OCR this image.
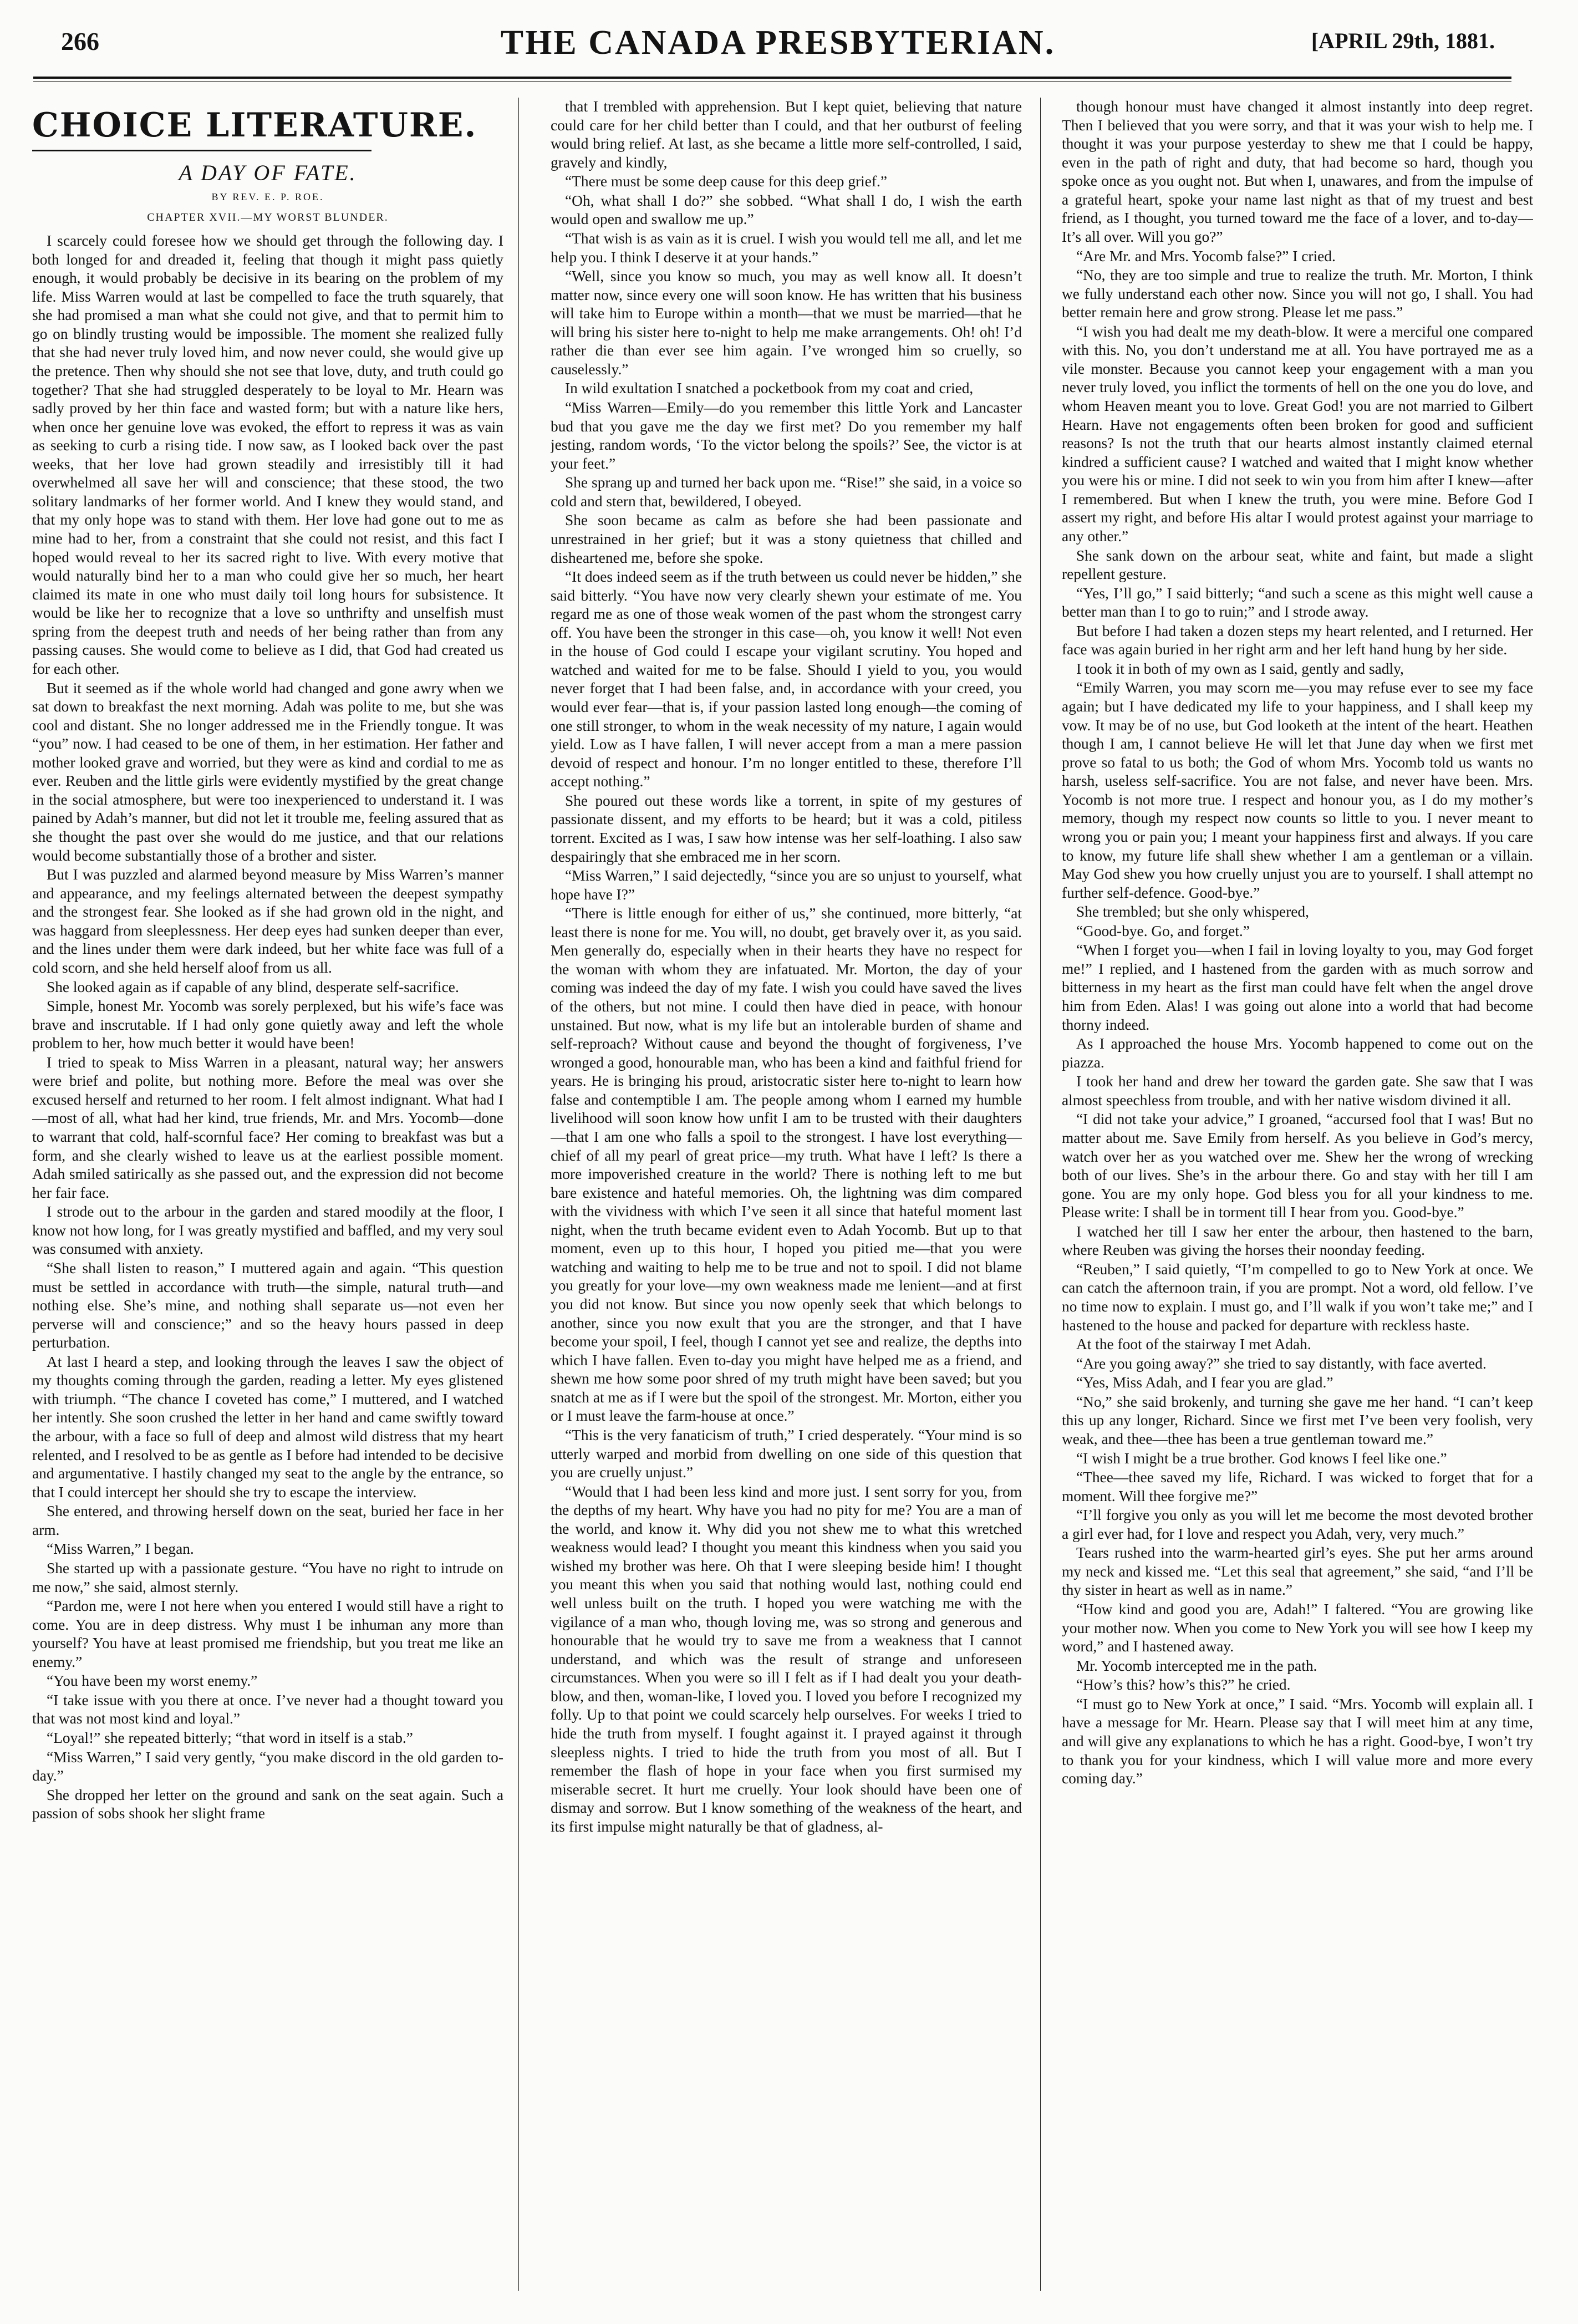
266	THE CANADA PRESBYTERIAN.	[APRIL 29th, 1881.
CHOICE LITERATURE.
A DAY OF FATE.
BY REV. E. P. ROE.
CHAPTER XVII.—MY WORST BLUNDER.

I scarcely could foresee how we should get through the following day. I both longed for and dreaded it, feeling that though it might pass quietly enough, it would probably be decisive in its bearing on the problem of my life. Miss Warren would at last be compelled to face the truth squarely, that she had promised a man what she could not give, and that to permit him to go on blindly trusting would be impossible. The moment she realized fully that she had never truly loved him, and now never could, she would give up the pretence. Then why should she not see that love, duty, and truth could go together? That she had struggled desperately to be loyal to Mr. Hearn was sadly proved by her thin face and wasted form; but with a nature like hers, when once her genuine love was evoked, the effort to repress it was as vain as seeking to curb a rising tide. I now saw, as I looked back over the past weeks, that her love had grown steadily and irresistibly till it had overwhelmed all save her will and conscience; that these stood, the two solitary landmarks of her former world. And I knew they would stand, and that my only hope was to stand with them. Her love had gone out to me as mine had to her, from a constraint that she could not resist, and this fact I hoped would reveal to her its sacred right to live. With every motive that would naturally bind her to a man who could give her so much, her heart claimed its mate in one who must daily toil long hours for subsistence. It would be like her to recognize that a love so unthrifty and unselfish must spring from the deepest truth and needs of her being rather than from any passing causes. She would come to believe as I did, that God had created us for each other.

But it seemed as if the whole world had changed and gone awry when we sat down to breakfast the next morning. Adah was polite to me, but she was cool and distant. She no longer addressed me in the Friendly tongue. It was “you” now. I had ceased to be one of them, in her estimation. Her father and mother looked grave and worried, but they were as kind and cordial to me as ever. Reuben and the little girls were evidently mystified by the great change in the social atmosphere, but were too inexperienced to understand it. I was pained by Adah’s manner, but did not let it trouble me, feeling assured that as she thought the past over she would do me justice, and that our relations would become substantially those of a brother and sister.

But I was puzzled and alarmed beyond measure by Miss Warren’s manner and appearance, and my feelings alternated between the deepest sympathy and the strongest fear. She looked as if she had grown old in the night, and was haggard from sleeplessness. Her deep eyes had sunken deeper than ever, and the lines under them were dark indeed, but her white face was full of a cold scorn, and she held herself aloof from us all.

She looked again as if capable of any blind, desperate self-sacrifice.

Simple, honest Mr. Yocomb was sorely perplexed, but his wife’s face was brave and inscrutable. If I had only gone quietly away and left the whole problem to her, how much better it would have been!

I tried to speak to Miss Warren in a pleasant, natural way; her answers were brief and polite, but nothing more. Before the meal was over she excused herself and returned to her room. I felt almost indignant. What had I—most of all, what had her kind, true friends, Mr. and Mrs. Yocomb—done to warrant that cold, half-scornful face? Her coming to breakfast was but a form, and she clearly wished to leave us at the earliest possible moment. Adah smiled satirically as she passed out, and the expression did not become her fair face.

I strode out to the arbour in the garden and stared moodily at the floor, I know not how long, for I was greatly mystified and baffled, and my very soul was consumed with anxiety.

“She shall listen to reason,” I muttered again and again. “This question must be settled in accordance with truth—the simple, natural truth—and nothing else. She’s mine, and nothing shall separate us—not even her perverse will and conscience;” and so the heavy hours passed in deep perturbation.

At last I heard a step, and looking through the leaves I saw the object of my thoughts coming through the garden, reading a letter. My eyes glistened with triumph. “The chance I coveted has come,” I muttered, and I watched her intently. She soon crushed the letter in her hand and came swiftly toward the arbour, with a face so full of deep and almost wild distress that my heart relented, and I resolved to be as gentle as I before had intended to be decisive and argumentative. I hastily changed my seat to the angle by the entrance, so that I could intercept her should she try to escape the interview.

She entered, and throwing herself down on the seat, buried her face in her arm.

“Miss Warren,” I began.

She started up with a passionate gesture. “You have no right to intrude on me now,” she said, almost sternly.

“Pardon me, were I not here when you entered I would still have a right to come. You are in deep distress. Why must I be inhuman any more than yourself? You have at least promised me friendship, but you treat me like an enemy.”

“You have been my worst enemy.”

“I take issue with you there at once. I’ve never had a thought toward you that was not most kind and loyal.”

“Loyal!” she repeated bitterly; “that word in itself is a stab.”

“Miss Warren,” I said very gently, “you make discord in the old garden to-day.”

She dropped her letter on the ground and sank on the seat again. Such a passion of sobs shook her slight frame

that I trembled with apprehension. But I kept quiet, believing that nature could care for her child better than I could, and that her outburst of feeling would bring relief. At last, as she became a little more self-controlled, I said, gravely and kindly,

“There must be some deep cause for this deep grief.”

“Oh, what shall I do?” she sobbed. “What shall I do, I wish the earth would open and swallow me up.”

“That wish is as vain as it is cruel. I wish you would tell me all, and let me help you. I think I deserve it at your hands.”

“Well, since you know so much, you may as well know all. It doesn’t matter now, since every one will soon know. He has written that his business will take him to Europe within a month—that we must be married—that he will bring his sister here to-night to help me make arrangements. Oh! oh! I’d rather die than ever see him again. I’ve wronged him so cruelly, so causelessly.”

In wild exultation I snatched a pocketbook from my coat and cried,

“Miss Warren—Emily—do you remember this little York and Lancaster bud that you gave me the day we first met? Do you remember my half jesting, random words, ‘To the victor belong the spoils?’ See, the victor is at your feet.”

She sprang up and turned her back upon me. “Rise!” she said, in a voice so cold and stern that, bewildered, I obeyed.

She soon became as calm as before she had been passionate and unrestrained in her grief; but it was a stony quietness that chilled and disheartened me, before she spoke.

“It does indeed seem as if the truth between us could never be hidden,” she said bitterly. “You have now very clearly shewn your estimate of me. You regard me as one of those weak women of the past whom the strongest carry off. You have been the stronger in this case—oh, you know it well! Not even in the house of God could I escape your vigilant scrutiny. You hoped and watched and waited for me to be false. Should I yield to you, you would never forget that I had been false, and, in accordance with your creed, you would ever fear—that is, if your passion lasted long enough—the coming of one still stronger, to whom in the weak necessity of my nature, I again would yield. Low as I have fallen, I will never accept from a man a mere passion devoid of respect and honour. I’m no longer entitled to these, therefore I’ll accept nothing.”

She poured out these words like a torrent, in spite of my gestures of passionate dissent, and my efforts to be heard; but it was a cold, pitiless torrent. Excited as I was, I saw how intense was her self-loathing. I also saw despairingly that she embraced me in her scorn.

“Miss Warren,” I said dejectedly, “since you are so unjust to yourself, what hope have I?”

“There is little enough for either of us,” she continued, more bitterly, “at least there is none for me. You will, no doubt, get bravely over it, as you said. Men generally do, especially when in their hearts they have no respect for the woman with whom they are infatuated. Mr. Morton, the day of your coming was indeed the day of my fate. I wish you could have saved the lives of the others, but not mine. I could then have died in peace, with honour unstained. But now, what is my life but an intolerable burden of shame and self-reproach? Without cause and beyond the thought of forgiveness, I’ve wronged a good, honourable man, who has been a kind and faithful friend for years. He is bringing his proud, aristocratic sister here to-night to learn how false and contemptible I am. The people among whom I earned my humble livelihood will soon know how unfit I am to be trusted with their daughters—that I am one who falls a spoil to the strongest. I have lost everything—chief of all my pearl of great price—my truth. What have I left? Is there a more impoverished creature in the world? There is nothing left to me but bare existence and hateful memories. Oh, the lightning was dim compared with the vividness with which I’ve seen it all since that hateful moment last night, when the truth became evident even to Adah Yocomb. But up to that moment, even up to this hour, I hoped you pitied me—that you were watching and waiting to help me to be true and not to spoil. I did not blame you greatly for your love—my own weakness made me lenient—and at first you did not know. But since you now openly seek that which belongs to another, since you now exult that you are the stronger, and that I have become your spoil, I feel, though I cannot yet see and realize, the depths into which I have fallen. Even to-day you might have helped me as a friend, and shewn me how some poor shred of my truth might have been saved; but you snatch at me as if I were but the spoil of the strongest. Mr. Morton, either you or I must leave the farm-house at once.”

“This is the very fanaticism of truth,” I cried desperately. “Your mind is so utterly warped and morbid from dwelling on one side of this question that you are cruelly unjust.”

“Would that I had been less kind and more just. I sent sorry for you, from the depths of my heart. Why have you had no pity for me? You are a man of the world, and know it. Why did you not shew me to what this wretched weakness would lead? I thought you meant this kindness when you said you wished my brother was here. Oh that I were sleeping beside him! I thought you meant this when you said that nothing would last, nothing could end well unless built on the truth. I hoped you were watching me with the vigilance of a man who, though loving me, was so strong and generous and honourable that he would try to save me from a weakness that I cannot understand, and which was the result of strange and unforeseen circumstances. When you were so ill I felt as if I had dealt you your death-blow, and then, woman-like, I loved you. I loved you before I recognized my folly. Up to that point we could scarcely help ourselves. For weeks I tried to hide the truth from myself. I fought against it. I prayed against it through sleepless nights. I tried to hide the truth from you most of all. But I remember the flash of hope in your face when you first surmised my miserable secret. It hurt me cruelly. Your look should have been one of dismay and sorrow. But I know something of the weakness of the heart, and its first impulse might naturally be that of gladness, al-

though honour must have changed it almost instantly into deep regret. Then I believed that you were sorry, and that it was your wish to help me. I thought it was your purpose yesterday to shew me that I could be happy, even in the path of right and duty, that had become so hard, though you spoke once as you ought not. But when I, unawares, and from the impulse of a grateful heart, spoke your name last night as that of my truest and best friend, as I thought, you turned toward me the face of a lover, and to-day—It’s all over. Will you go?”

“Are Mr. and Mrs. Yocomb false?” I cried.

“No, they are too simple and true to realize the truth. Mr. Morton, I think we fully understand each other now. Since you will not go, I shall. You had better remain here and grow strong. Please let me pass.”

“I wish you had dealt me my death-blow. It were a merciful one compared with this. No, you don’t understand me at all. You have portrayed me as a vile monster. Because you cannot keep your engagement with a man you never truly loved, you inflict the torments of hell on the one you do love, and whom Heaven meant you to love. Great God! you are not married to Gilbert Hearn. Have not engagements often been broken for good and sufficient reasons? Is not the truth that our hearts almost instantly claimed eternal kindred a sufficient cause? I watched and waited that I might know whether you were his or mine. I did not seek to win you from him after I knew—after I remembered. But when I knew the truth, you were mine. Before God I assert my right, and before His altar I would protest against your marriage to any other.”

She sank down on the arbour seat, white and faint, but made a slight repellent gesture.

“Yes, I’ll go,” I said bitterly; “and such a scene as this might well cause a better man than I to go to ruin;” and I strode away.

But before I had taken a dozen steps my heart relented, and I returned. Her face was again buried in her right arm and her left hand hung by her side.

I took it in both of my own as I said, gently and sadly,

“Emily Warren, you may scorn me—you may refuse ever to see my face again; but I have dedicated my life to your happiness, and I shall keep my vow. It may be of no use, but God looketh at the intent of the heart. Heathen though I am, I cannot believe He will let that June day when we first met prove so fatal to us both; the God of whom Mrs. Yocomb told us wants no harsh, useless self-sacrifice. You are not false, and never have been. Mrs. Yocomb is not more true. I respect and honour you, as I do my mother’s memory, though my respect now counts so little to you. I never meant to wrong you or pain you; I meant your happiness first and always. If you care to know, my future life shall shew whether I am a gentleman or a villain. May God shew you how cruelly unjust you are to yourself. I shall attempt no further self-defence. Good-bye.”

She trembled; but she only whispered,

“Good-bye. Go, and forget.”

“When I forget you—when I fail in loving loyalty to you, may God forget me!” I replied, and I hastened from the garden with as much sorrow and bitterness in my heart as the first man could have felt when the angel drove him from Eden. Alas! I was going out alone into a world that had become thorny indeed.

As I approached the house Mrs. Yocomb happened to come out on the piazza.

I took her hand and drew her toward the garden gate. She saw that I was almost speechless from trouble, and with her native wisdom divined it all.

“I did not take your advice,” I groaned, “accursed fool that I was! But no matter about me. Save Emily from herself. As you believe in God’s mercy, watch over her as you watched over me. Shew her the wrong of wrecking both of our lives. She’s in the arbour there. Go and stay with her till I am gone. You are my only hope. God bless you for all your kindness to me. Please write: I shall be in torment till I hear from you. Good-bye.”

I watched her till I saw her enter the arbour, then hastened to the barn, where Reuben was giving the horses their noonday feeding.

“Reuben,” I said quietly, “I’m compelled to go to New York at once. We can catch the afternoon train, if you are prompt. Not a word, old fellow. I’ve no time now to explain. I must go, and I’ll walk if you won’t take me;” and I hastened to the house and packed for departure with reckless haste.

At the foot of the stairway I met Adah.

“Are you going away?” she tried to say distantly, with face averted.

“Yes, Miss Adah, and I fear you are glad.”

“No,” she said brokenly, and turning she gave me her hand. “I can’t keep this up any longer, Richard. Since we first met I’ve been very foolish, very weak, and thee—thee has been a true gentleman toward me.”

“I wish I might be a true brother. God knows I feel like one.”

“Thee—thee saved my life, Richard. I was wicked to forget that for a moment. Will thee forgive me?”

“I’ll forgive you only as you will let me become the most devoted brother a girl ever had, for I love and respect you Adah, very, very much.”

Tears rushed into the warm-hearted girl’s eyes. She put her arms around my neck and kissed me. “Let this seal that agreement,” she said, “and I’ll be thy sister in heart as well as in name.”

“How kind and good you are, Adah!” I faltered. “You are growing like your mother now. When you come to New York you will see how I keep my word,” and I hastened away.

Mr. Yocomb intercepted me in the path.

“How’s this? how’s this?” he cried.

“I must go to New York at once,” I said. “Mrs. Yocomb will explain all. I have a message for Mr. Hearn. Please say that I will meet him at any time, and will give any explanations to which he has a right. Good-bye, I won’t try to thank you for your kindness, which I will value more and more every coming day.”
